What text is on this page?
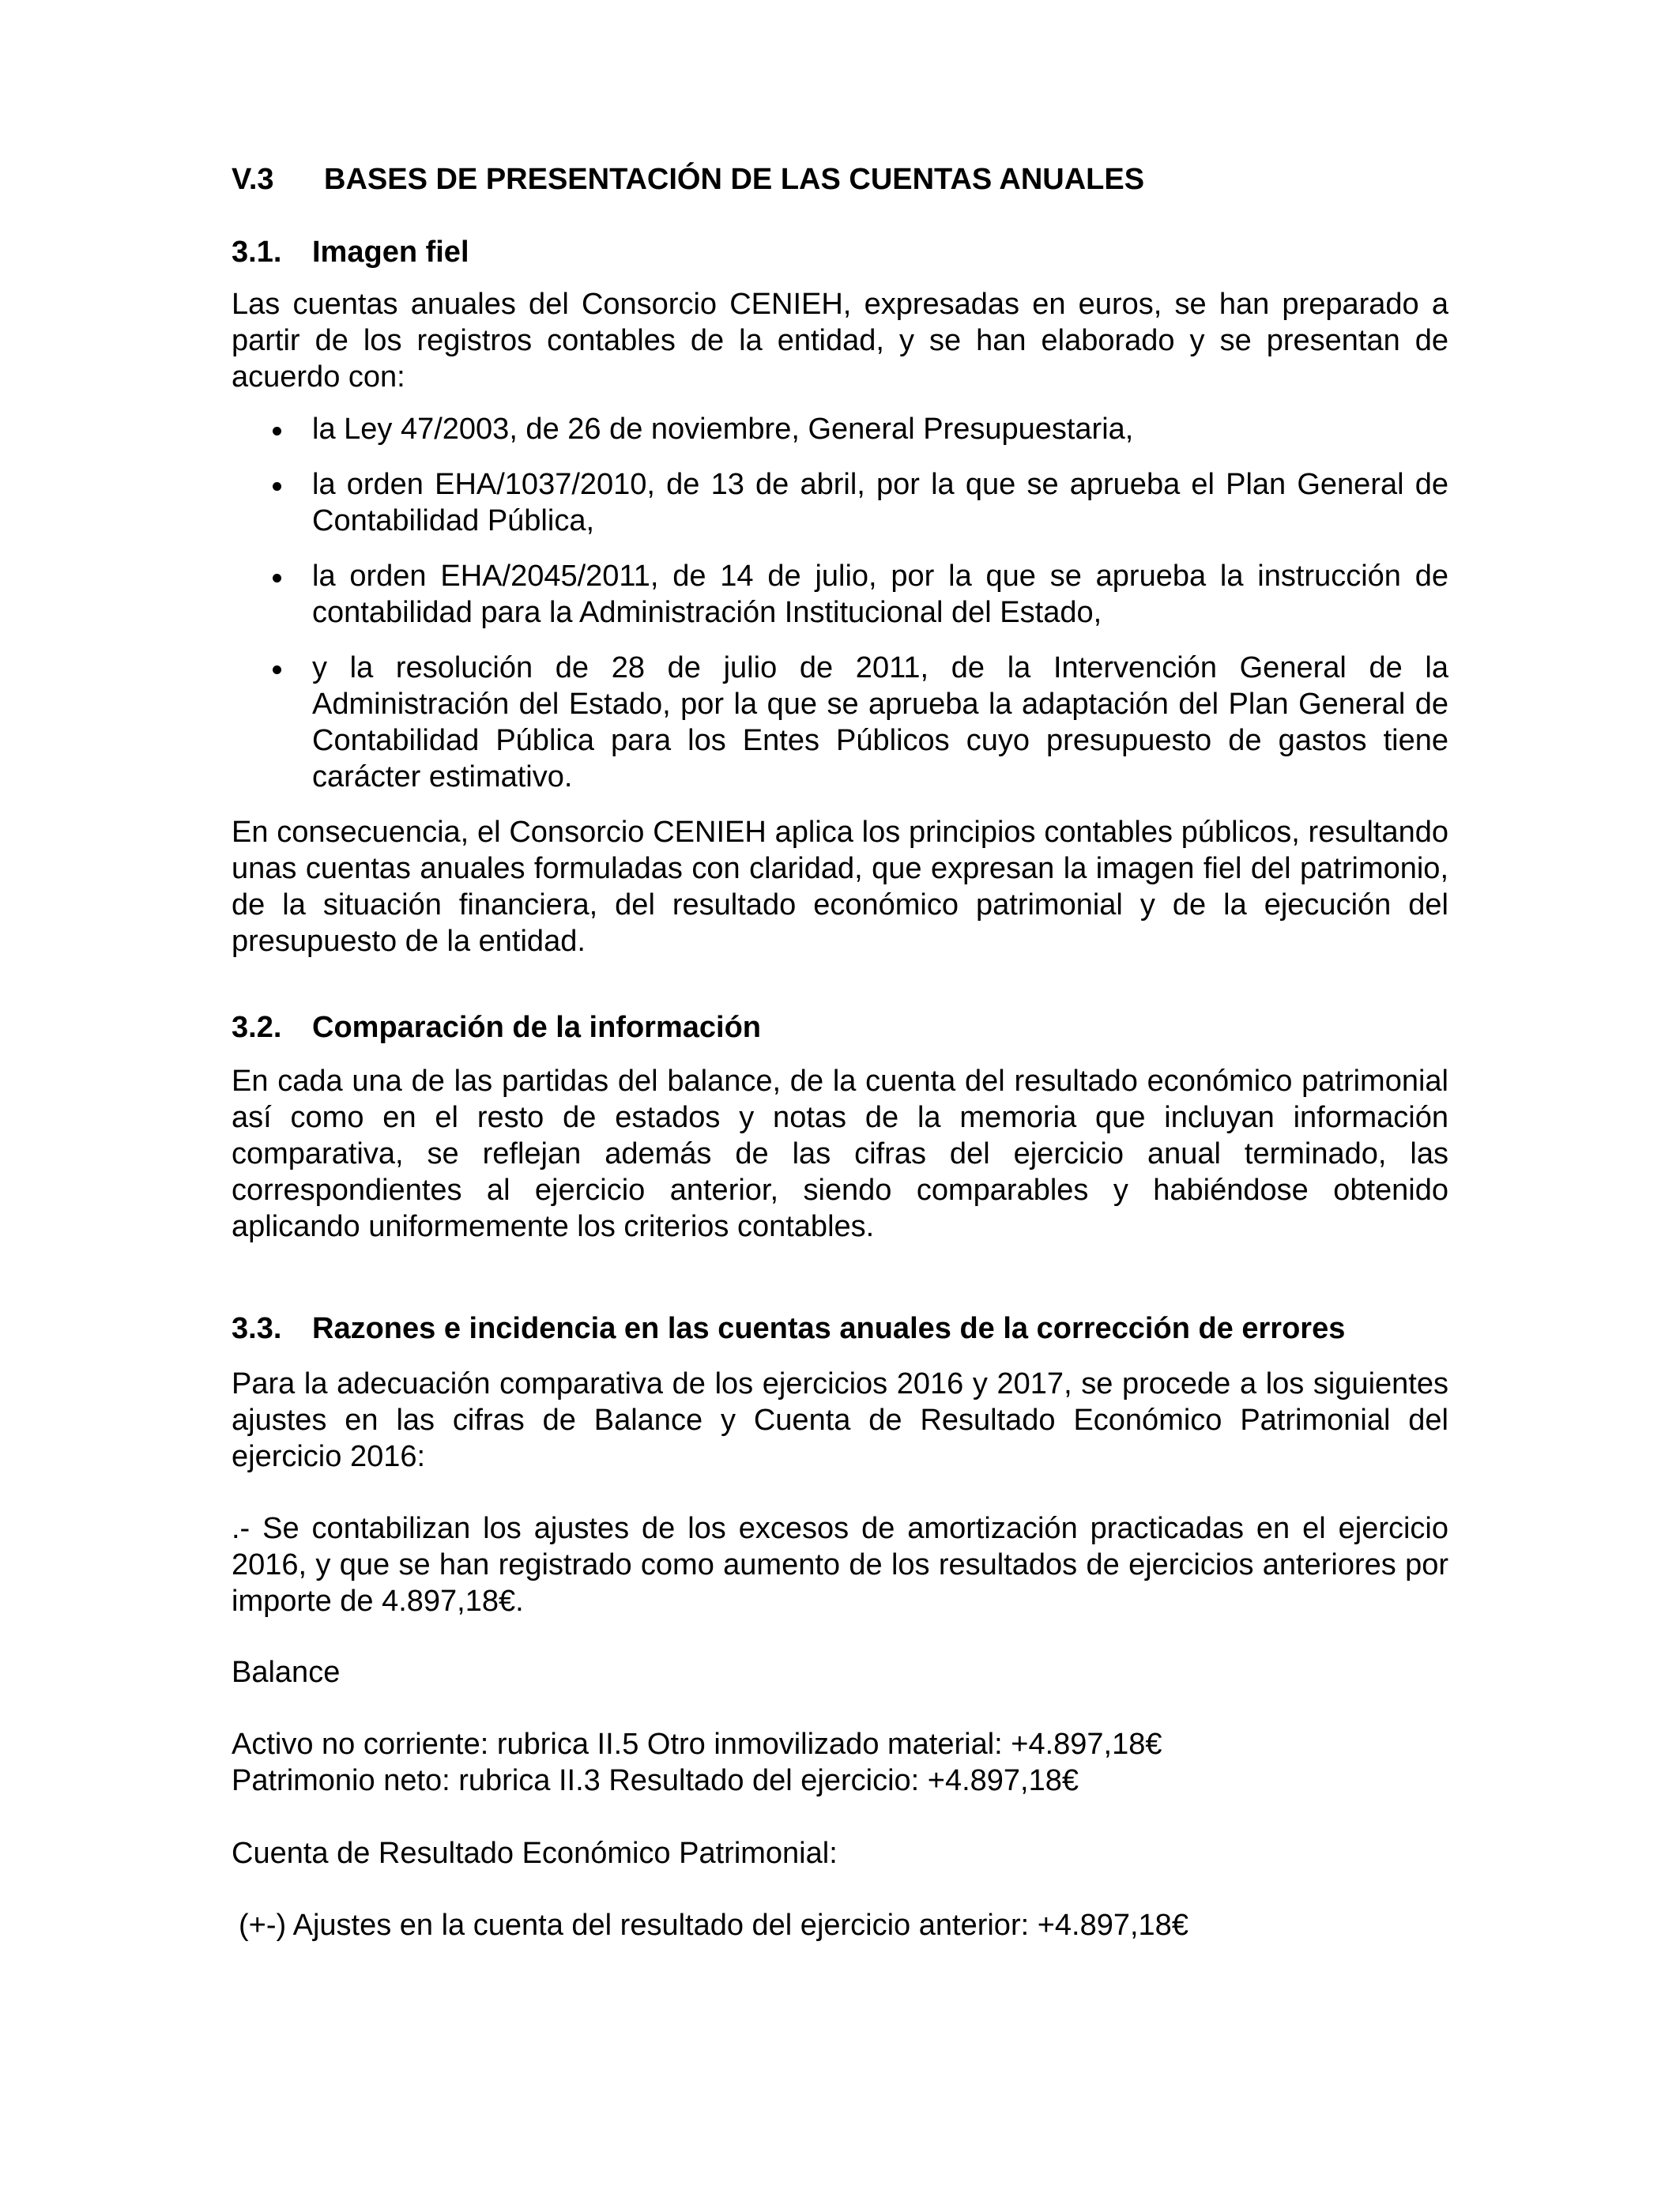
V.3 BASES DE PRESENTACIÓN DE LAS CUENTAS ANUALES
3.1. Imagen fiel

Las cuentas anuales del Consorcio CENIEH, expresadas en euros, se han preparado a partir de los registros contables de la entidad, y se han elaborado y se presentan de acuerdo con:

la Ley 47/2003, de 26 de noviembre, General Presupuestaria,
la orden EHA/1037/2010, de 13 de abril, por la que se aprueba el Plan General de Contabilidad Pública,
la orden EHA/2045/2011, de 14 de julio, por la que se aprueba la instrucción de contabilidad para la Administración Institucional del Estado,
y la resolución de 28 de julio de 2011, de la Intervención General de la Administración del Estado, por la que se aprueba la adaptación del Plan General de Contabilidad Pública para los Entes Públicos cuyo presupuesto de gastos tiene carácter estimativo.

En consecuencia, el Consorcio CENIEH aplica los principios contables públicos, resultando unas cuentas anuales formuladas con claridad, que expresan la imagen fiel del patrimonio, de la situación financiera, del resultado económico patrimonial y de la ejecución del presupuesto de la entidad.

3.2. Comparación de la información

En cada una de las partidas del balance, de la cuenta del resultado económico patrimonial así como en el resto de estados y notas de la memoria que incluyan información comparativa, se reflejan además de las cifras del ejercicio anual terminado, las correspondientes al ejercicio anterior, siendo comparables y habiéndose obtenido aplicando uniformemente los criterios contables.

3.3. Razones e incidencia en las cuentas anuales de la corrección de errores

Para la adecuación comparativa de los ejercicios 2016 y 2017, se procede a los siguientes ajustes en las cifras de Balance y Cuenta de Resultado Económico Patrimonial del ejercicio 2016:

.- Se contabilizan los ajustes de los excesos de amortización practicadas en el ejercicio 2016, y que se han registrado como aumento de los resultados de ejercicios anteriores por importe de 4.897,18€.

Balance

Activo no corriente: rubrica II.5 Otro inmovilizado material: +4.897,18€

Patrimonio neto: rubrica II.3 Resultado del ejercicio: +4.897,18€

Cuenta de Resultado Económico Patrimonial:

(+-) Ajustes en la cuenta del resultado del ejercicio anterior: +4.897,18€
